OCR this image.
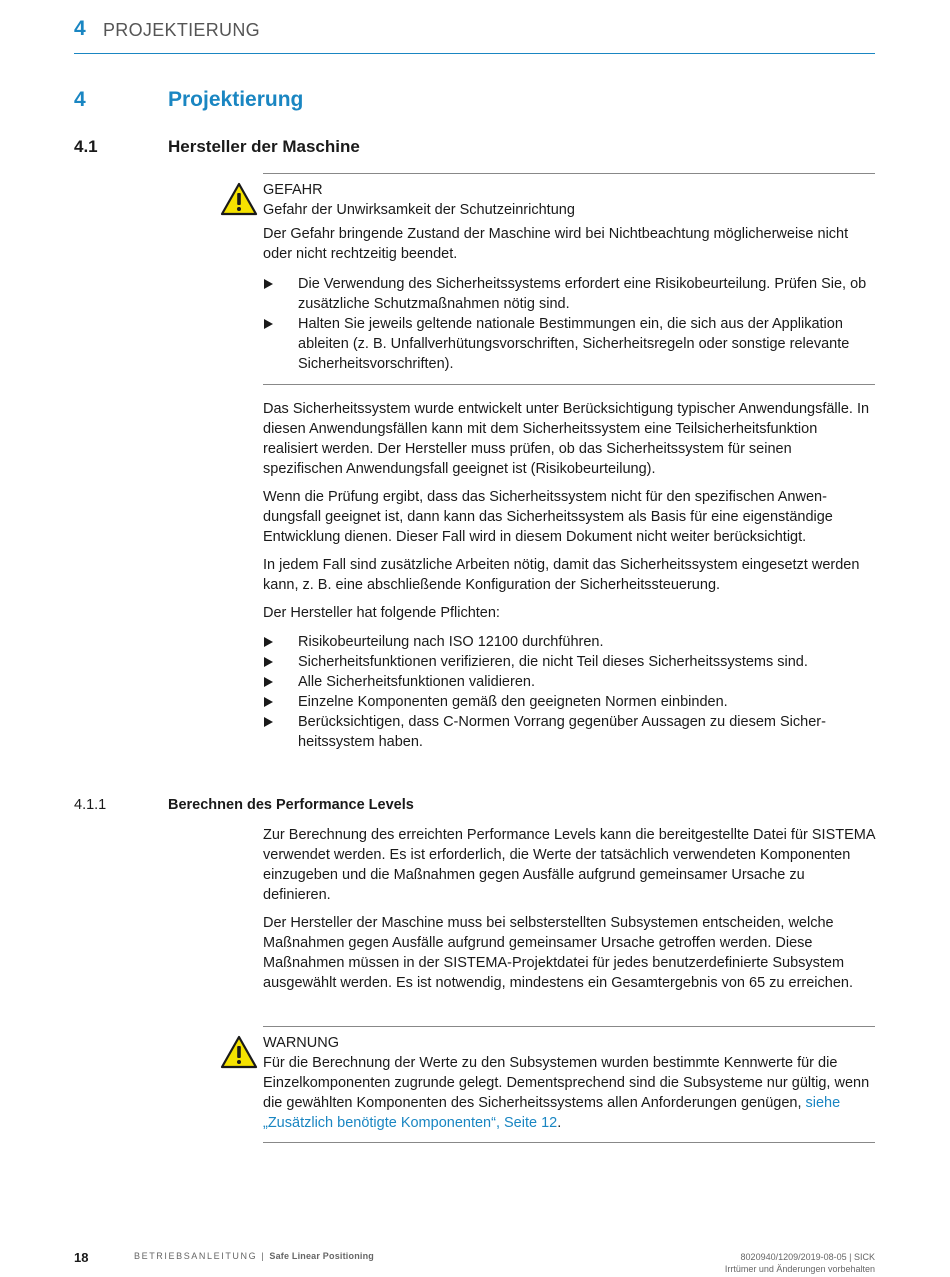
4 PROJEKTIERUNG
4	Projektierung
4.1	Hersteller der Maschine

GEFAHR

Gefahr der Unwirksamkeit der Schutzeinrichtung

Der Gefahr bringende Zustand der Maschine wird bei Nichtbeachtung möglicherweise nicht oder nicht rechtzeitig beendet.

Die Verwendung des Sicherheitssystems erfordert eine Risikobeurteilung. Prüfen Sie, ob zusätzliche Schutzmaßnahmen nötig sind.
Halten Sie jeweils geltende nationale Bestimmungen ein, die sich aus der Applikation ableiten (z. B. Unfallverhütungsvorschriften, Sicherheitsregeln oder sonstige relevante Sicherheitsvorschriften).

Das Sicherheitssystem wurde entwickelt unter Berücksichtigung typischer Anwendungsfälle. In diesen Anwendungsfällen kann mit dem Sicherheitssystem eine Teilsicherheitsfunktion realisiert werden. Der Hersteller muss prüfen, ob das Sicherheitssystem für seinen spezifischen Anwendungsfall geeignet ist (Risikobeurteilung).

Wenn die Prüfung ergibt, dass das Sicherheitssystem nicht für den spezifischen Anwendungsfall geeignet ist, dann kann das Sicherheitssystem als Basis für eine eigenständige Entwicklung dienen. Dieser Fall wird in diesem Dokument nicht weiter berücksichtigt.

In jedem Fall sind zusätzliche Arbeiten nötig, damit das Sicherheitssystem eingesetzt werden kann, z. B. eine abschließende Konfiguration der Sicherheitssteuerung.

Der Hersteller hat folgende Pflichten:

Risikobeurteilung nach ISO 12100 durchführen.
Sicherheitsfunktionen verifizieren, die nicht Teil dieses Sicherheitssystems sind.
Alle Sicherheitsfunktionen validieren.
Einzelne Komponenten gemäß den geeigneten Normen einbinden.
Berücksichtigen, dass C-Normen Vorrang gegenüber Aussagen zu diesem Sicherheitssystem haben.
4.1.1	Berechnen des Performance Levels

Zur Berechnung des erreichten Performance Levels kann die bereitgestellte Datei für SISTEMA verwendet werden. Es ist erforderlich, die Werte der tatsächlich verwendeten Komponenten einzugeben und die Maßnahmen gegen Ausfälle aufgrund gemeinsamer Ursache zu definieren.

Der Hersteller der Maschine muss bei selbsterstellten Subsystemen entscheiden, welche Maßnahmen gegen Ausfälle aufgrund gemeinsamer Ursache getroffen werden. Diese Maßnahmen müssen in der SISTEMA-Projektdatei für jedes benutzerdefinierte Subsystem ausgewählt werden. Es ist notwendig, mindestens ein Gesamtergebnis von 65 zu erreichen.

WARNUNG

Für die Berechnung der Werte zu den Subsystemen wurden bestimmte Kennwerte für die Einzelkomponenten zugrunde gelegt. Dementsprechend sind die Subsysteme nur gültig, wenn die gewählten Komponenten des Sicherheitssystems allen Anforderungen genügen, siehe „Zusätzlich benötigte Komponenten“, Seite 12.

18	BETRIEBSANLEITUNG | Safe Linear Positioning	8020940/1209/2019-08-05 | SICK
Irrtümer und Änderungen vorbehalten
